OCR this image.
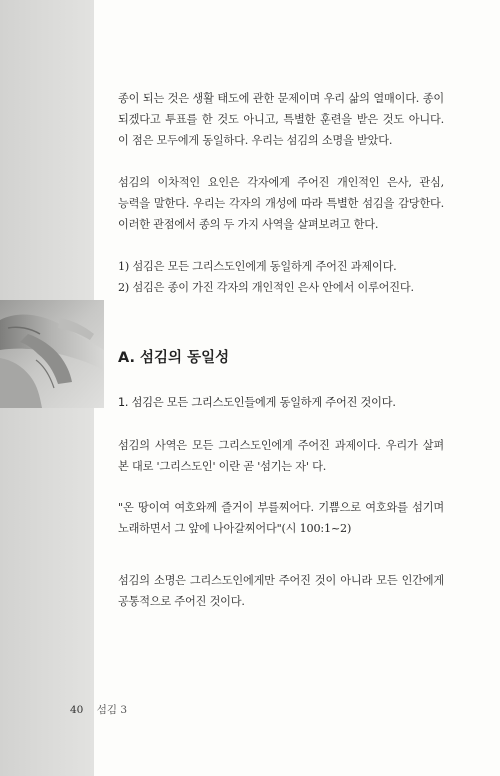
종이 되는 것은 생활 태도에 관한 문제이며 우리 삶의 열매이다. 종이 되겠다고 투표를 한 것도 아니고, 특별한 훈련을 받은 것도 아니다. 이 점은 모두에게 동일하다. 우리는 섬김의 소명을 받았다.

섬김의 이차적인 요인은 각자에게 주어진 개인적인 은사, 관심, 능력을 말한다. 우리는 각자의 개성에 따라 특별한 섬김을 감당한다. 이러한 관점에서 종의 두 가지 사역을 살펴보려고 한다.

1) 섬김은 모든 그리스도인에게 동일하게 주어진 과제이다.
2) 섬김은 종이 가진 각자의 개인적인 은사 안에서 이루어진다.

A. 섬김의 동일성

1. 섬김은 모든 그리스도인들에게 동일하게 주어진 것이다.

섬김의 사역은 모든 그리스도인에게 주어진 과제이다. 우리가 살펴 본 대로 '그리스도인' 이란 곧 '섬기는 자' 다.

"온 땅이여 여호와께 즐거이 부를찌어다. 기쁨으로 여호와를 섬기며 노래하면서 그 앞에 나아갈찌어다"(시 100:1~2)

섬김의 소명은 그리스도인에게만 주어진 것이 아니라 모든 인간에게 공통적으로 주어진 것이다.

40 섬김 3
